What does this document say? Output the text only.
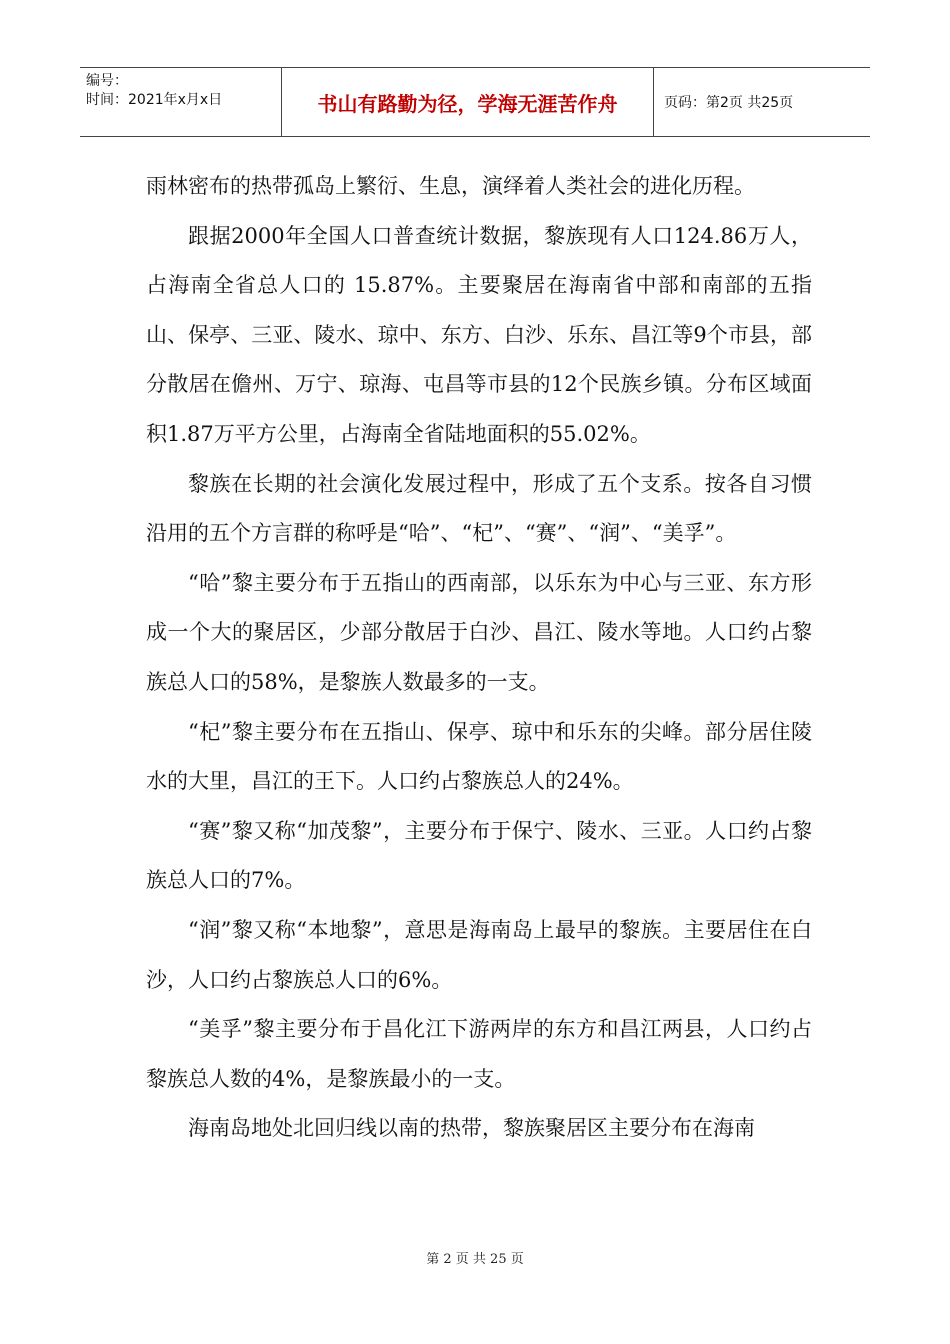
编号：
时间：2021年x月x日	书山有路勤为径，学海无涯苦作舟	页码：第2页 共25页

雨林密布的热带孤岛上繁衍、生息，演绎着人类社会的进化历程。

跟据2000年全国人口普查统计数据，黎族现有人口124.86万人，占海南全省总人口的 15.87%。主要聚居在海南省中部和南部的五指山、保亭、三亚、陵水、琼中、东方、白沙、乐东、昌江等9个市县，部分散居在儋州、万宁、琼海、屯昌等市县的12个民族乡镇。分布区域面积1.87万平方公里，占海南全省陆地面积的55.02%。

黎族在长期的社会演化发展过程中，形成了五个支系。按各自习惯沿用的五个方言群的称呼是“哈”、“杞”、“赛”、“润”、“美孚”。

“哈”黎主要分布于五指山的西南部，以乐东为中心与三亚、东方形成一个大的聚居区，少部分散居于白沙、昌江、陵水等地。人口约占黎族总人口的58%，是黎族人数最多的一支。

“杞”黎主要分布在五指山、保亭、琼中和乐东的尖峰。部分居住陵水的大里，昌江的王下。人口约占黎族总人的24%。

“赛”黎又称“加茂黎”，主要分布于保宁、陵水、三亚。人口约占黎族总人口的7%。

“润”黎又称“本地黎”，意思是海南岛上最早的黎族。主要居住在白沙，人口约占黎族总人口的6%。

“美孚”黎主要分布于昌化江下游两岸的东方和昌江两县，人口约占黎族总人数的4%，是黎族最小的一支。

海南岛地处北回归线以南的热带，黎族聚居区主要分布在海南

第 2 页 共 25 页
